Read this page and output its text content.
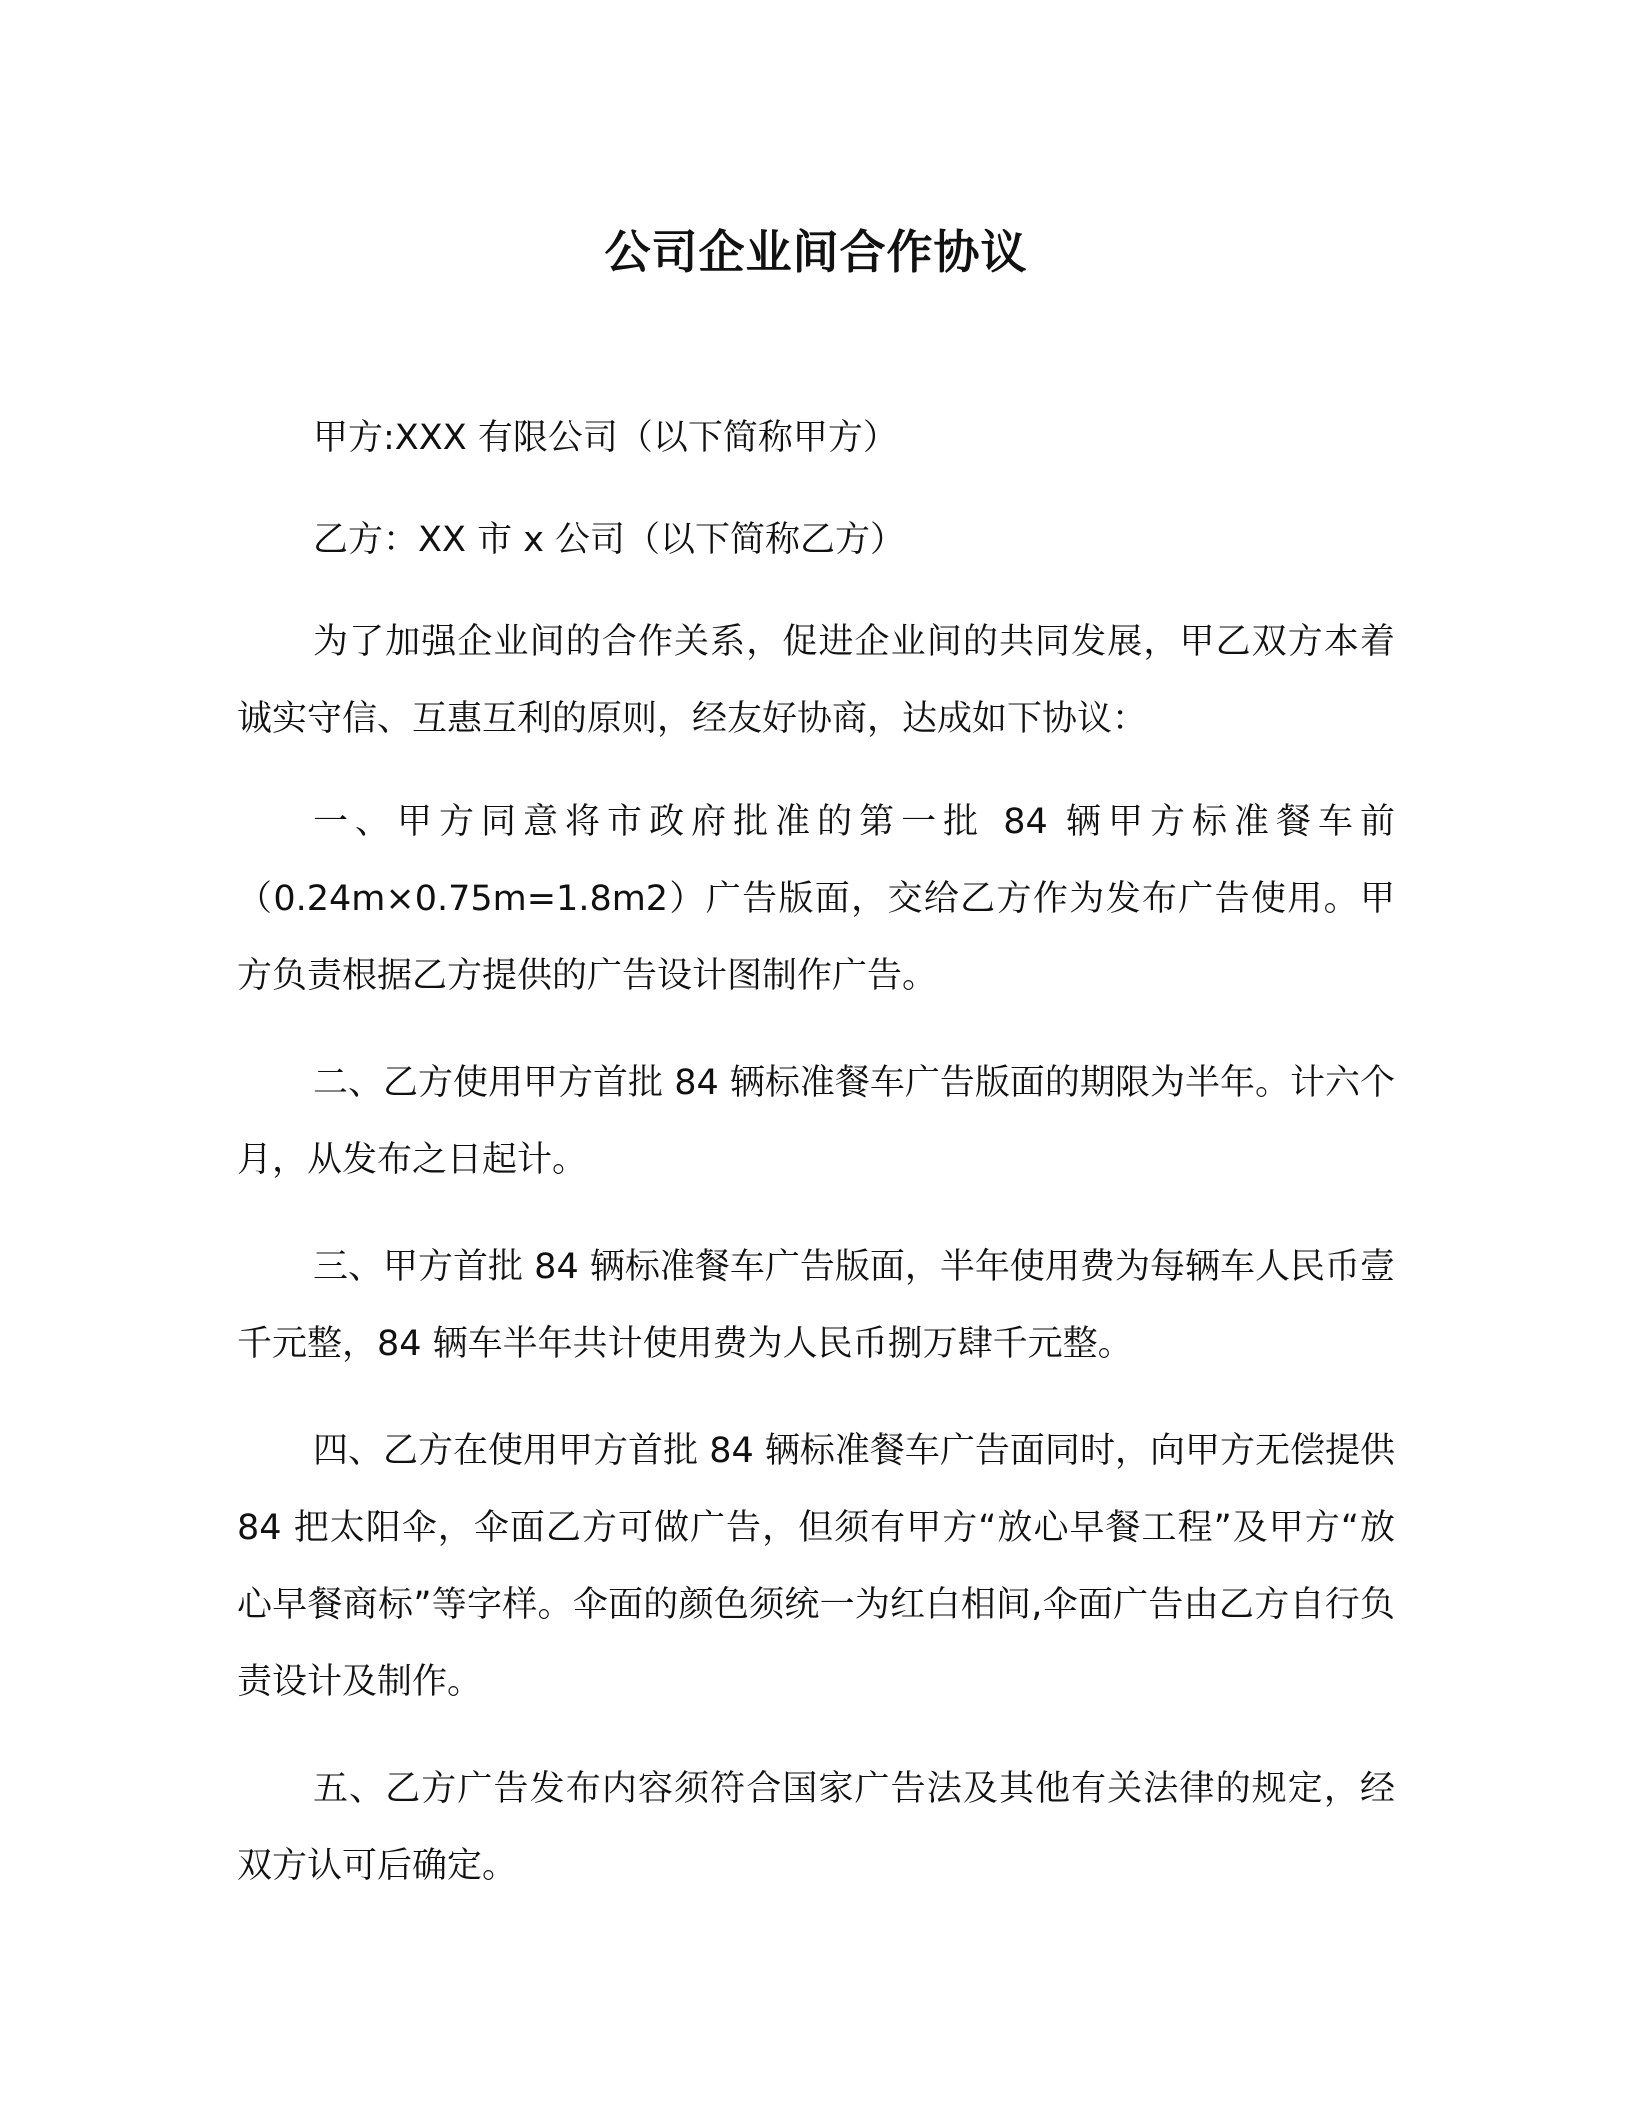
公司企业间合作协议

甲方:XXX 有限公司（以下简称甲方）

乙方：XX 市 x 公司（以下简称乙方）

为了加强企业间的合作关系，促进企业间的共同发展，甲乙双方本着诚实守信、互惠互利的原则，经友好协商，达成如下协议：

一、甲方同意将市政府批准的第一批 84 辆甲方标准餐车前（0.24m×0.75m=1.8m2）广告版面，交给乙方作为发布广告使用。甲方负责根据乙方提供的广告设计图制作广告。

二、乙方使用甲方首批 84 辆标准餐车广告版面的期限为半年。计六个月，从发布之日起计。

三、甲方首批 84 辆标准餐车广告版面，半年使用费为每辆车人民币壹千元整，84 辆车半年共计使用费为人民币捌万肆千元整。

四、乙方在使用甲方首批 84 辆标准餐车广告面同时，向甲方无偿提供 84 把太阳伞，伞面乙方可做广告，但须有甲方“放心早餐工程”及甲方“放心早餐商标”等字样。伞面的颜色须统一为红白相间,伞面广告由乙方自行负责设计及制作。

五、乙方广告发布内容须符合国家广告法及其他有关法律的规定，经双方认可后确定。
